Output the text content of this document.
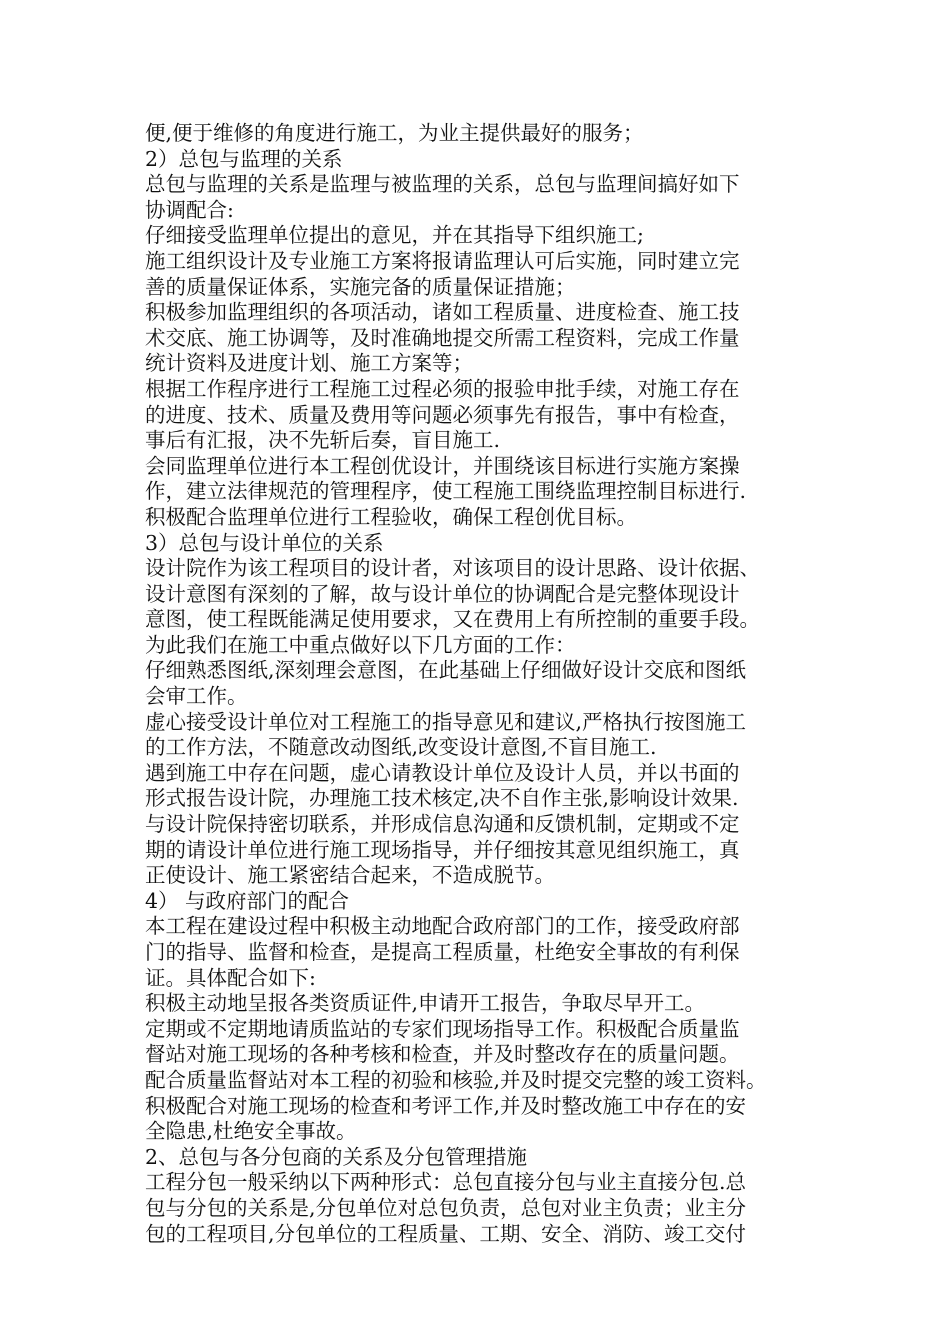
便,便于维修的角度进行施工，为业主提供最好的服务；
2）总包与监理的关系
总包与监理的关系是监理与被监理的关系，总包与监理间搞好如下
协调配合:
仔细接受监理单位提出的意见，并在其指导下组织施工;
施工组织设计及专业施工方案将报请监理认可后实施，同时建立完
善的质量保证体系，实施完备的质量保证措施；
积极参加监理组织的各项活动，诸如工程质量、进度检查、施工技
术交底、施工协调等，及时准确地提交所需工程资料，完成工作量
统计资料及进度计划、施工方案等；
根据工作程序进行工程施工过程必须的报验申批手续，对施工存在
的进度、技术、质量及费用等问题必须事先有报告，事中有检查，
事后有汇报，决不先斩后奏，盲目施工.
会同监理单位进行本工程创优设计，并围绕该目标进行实施方案操
作，建立法律规范的管理程序，使工程施工围绕监理控制目标进行.
积极配合监理单位进行工程验收，确保工程创优目标。
3）总包与设计单位的关系
设计院作为该工程项目的设计者，对该项目的设计思路、设计依据、
设计意图有深刻的了解，故与设计单位的协调配合是完整体现设计
意图，使工程既能满足使用要求，又在费用上有所控制的重要手段。
为此我们在施工中重点做好以下几方面的工作：
仔细熟悉图纸,深刻理会意图，在此基础上仔细做好设计交底和图纸
会审工作。
虚心接受设计单位对工程施工的指导意见和建议,严格执行按图施工
的工作方法，不随意改动图纸,改变设计意图,不盲目施工.
遇到施工中存在问题，虚心请教设计单位及设计人员，并以书面的
形式报告设计院，办理施工技术核定,决不自作主张,影响设计效果.
与设计院保持密切联系，并形成信息沟通和反馈机制，定期或不定
期的请设计单位进行施工现场指导，并仔细按其意见组织施工，真
正使设计、施工紧密结合起来，不造成脱节。
4） 与政府部门的配合
本工程在建设过程中积极主动地配合政府部门的工作，接受政府部
门的指导、监督和检查，是提高工程质量，杜绝安全事故的有利保
证。具体配合如下:
积极主动地呈报各类资质证件,申请开工报告，争取尽早开工。
定期或不定期地请质监站的专家们现场指导工作。积极配合质量监
督站对施工现场的各种考核和检查，并及时整改存在的质量问题。
配合质量监督站对本工程的初验和核验,并及时提交完整的竣工资料。
积极配合对施工现场的检查和考评工作,并及时整改施工中存在的安
全隐患,杜绝安全事故。
2、总包与各分包商的关系及分包管理措施
工程分包一般采纳以下两种形式：总包直接分包与业主直接分包.总
包与分包的关系是,分包单位对总包负责，总包对业主负责；业主分
包的工程项目,分包单位的工程质量、工期、安全、消防、竣工交付
